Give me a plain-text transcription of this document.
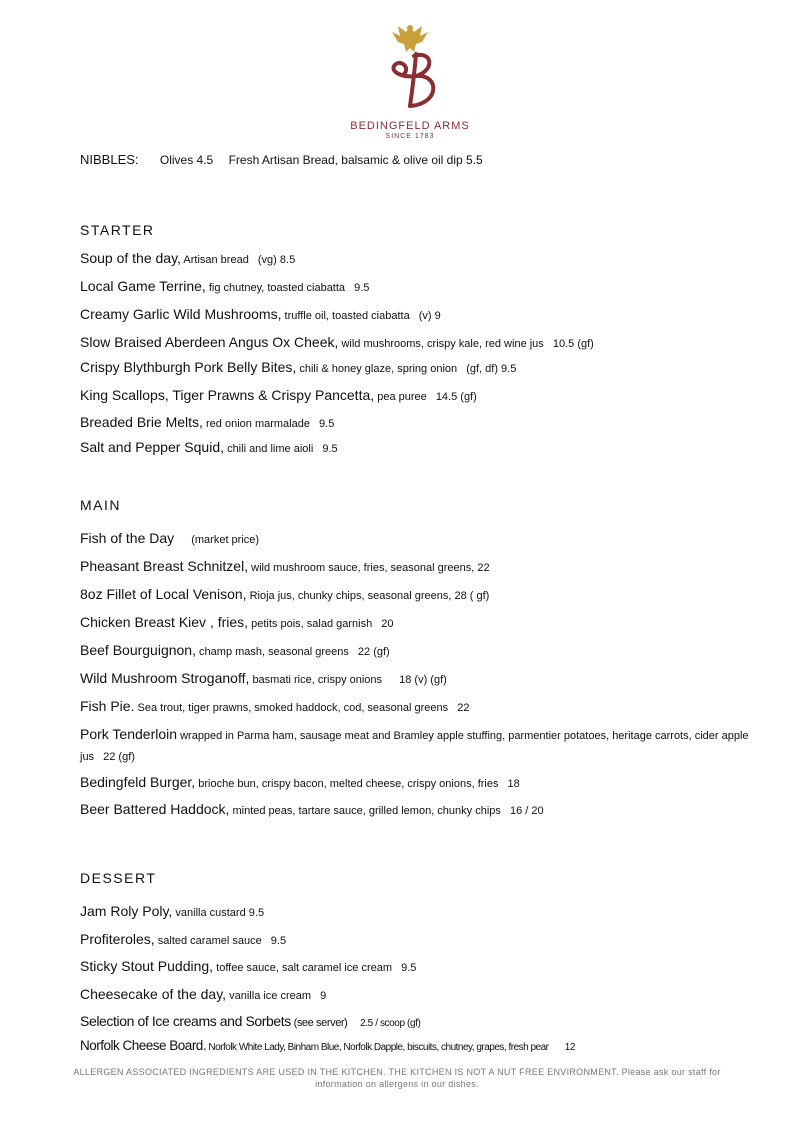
BEDINGFELD ARMS
SINCE 1783
NIBBLES: Olives 4.5 Fresh Artisan Bread, balsamic & olive oil dip 5.5
STARTER
Soup of the day, Artisan bread (vg) 8.5
Local Game Terrine, fig chutney, toasted ciabatta 9.5
Creamy Garlic Wild Mushrooms, truffle oil, toasted ciabatta (v) 9
Slow Braised Aberdeen Angus Ox Cheek, wild mushrooms, crispy kale, red wine jus 10.5 (gf)
Crispy Blythburgh Pork Belly Bites, chili & honey glaze, spring onion (gf, df) 9.5
King Scallops, Tiger Prawns & Crispy Pancetta, pea puree 14.5 (gf)
Breaded Brie Melts, red onion marmalade 9.5
Salt and Pepper Squid, chili and lime aioli 9.5
MAIN
Fish of the Day (market price)
Pheasant Breast Schnitzel, wild mushroom sauce, fries, seasonal greens, 22
8oz Fillet of Local Venison, Rioja jus, chunky chips, seasonal greens, 28 ( gf)
Chicken Breast Kiev , fries, petits pois, salad garnish 20
Beef Bourguignon, champ mash, seasonal greens 22 (gf)
Wild Mushroom Stroganoff, basmati rice, crispy onions 18 (v) (gf)
Fish Pie. Sea trout, tiger prawns, smoked haddock, cod, seasonal greens 22
Pork Tenderloin wrapped in Parma ham, sausage meat and Bramley apple stuffing, parmentier potatoes, heritage carrots, cider apple jus 22 (gf)
Bedingfeld Burger, brioche bun, crispy bacon, melted cheese, crispy onions, fries 18
Beer Battered Haddock, minted peas, tartare sauce, grilled lemon, chunky chips 16 / 20
DESSERT
Jam Roly Poly, vanilla custard 9.5
Profiteroles, salted caramel sauce 9.5
Sticky Stout Pudding, toffee sauce, salt caramel ice cream 9.5
Cheesecake of the day, vanilla ice cream 9
Selection of Ice creams and Sorbets (see server) 2.5 / scoop (gf)
Norfolk Cheese Board. Norfolk White Lady, Binham Blue, Norfolk Dapple, biscuits, chutney, grapes, fresh pear 12
ALLERGEN ASSOCIATED INGREDIENTS ARE USED IN THE KITCHEN. THE KITCHEN IS NOT A NUT FREE ENVIRONMENT. Please ask our staff for
information on allergens in our dishes.
